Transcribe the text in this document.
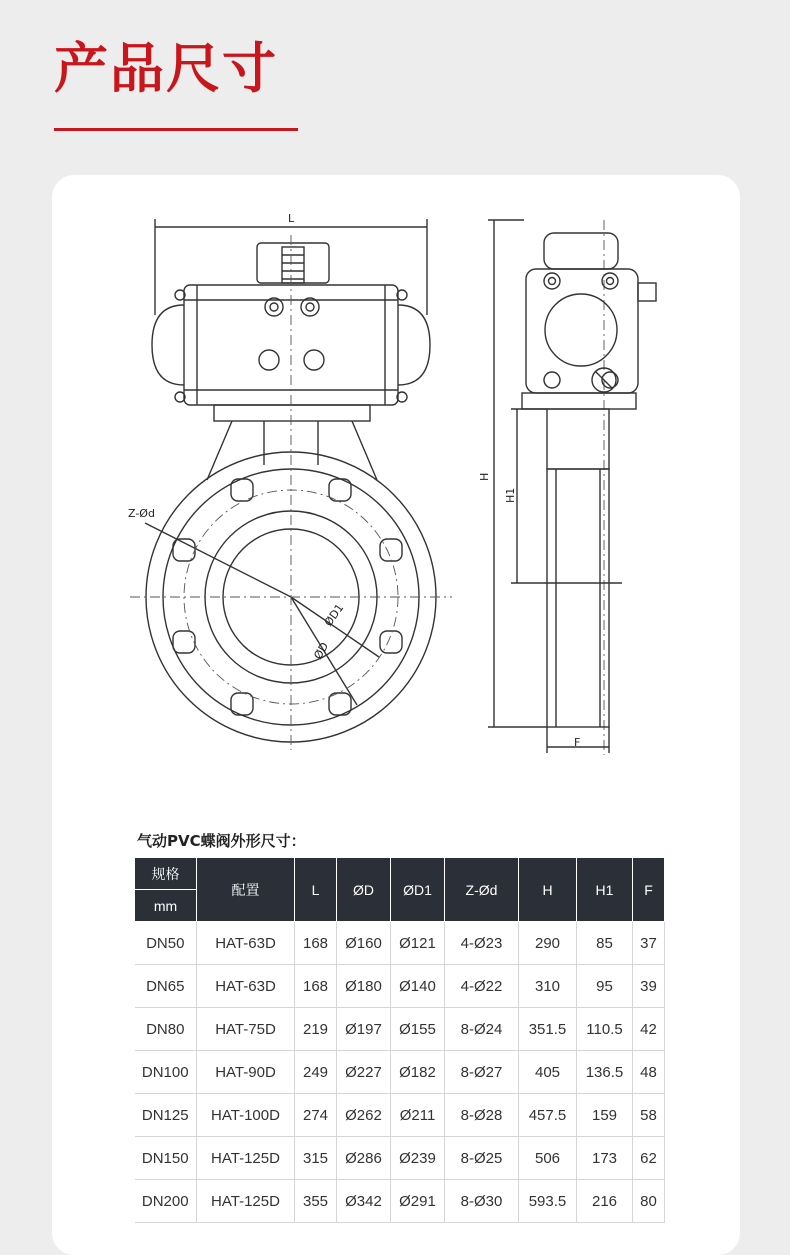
产品尺寸
L
Z-Ød
ØD1
ØD
H
H1
F
气动PVC蝶阀外形尺寸：
规格	配置	L	ØD	ØD1	Z-Ød	H	H1	F
mm								
DN50	HAT-63D	168	Ø160	Ø121	4-Ø23	290	85	37
DN65	HAT-63D	168	Ø180	Ø140	4-Ø22	310	95	39
DN80	HAT-75D	219	Ø197	Ø155	8-Ø24	351.5	110.5	42
DN100	HAT-90D	249	Ø227	Ø182	8-Ø27	405	136.5	48
DN125	HAT-100D	274	Ø262	Ø211	8-Ø28	457.5	159	58
DN150	HAT-125D	315	Ø286	Ø239	8-Ø25	506	173	62
DN200	HAT-125D	355	Ø342	Ø291	8-Ø30	593.5	216	80
